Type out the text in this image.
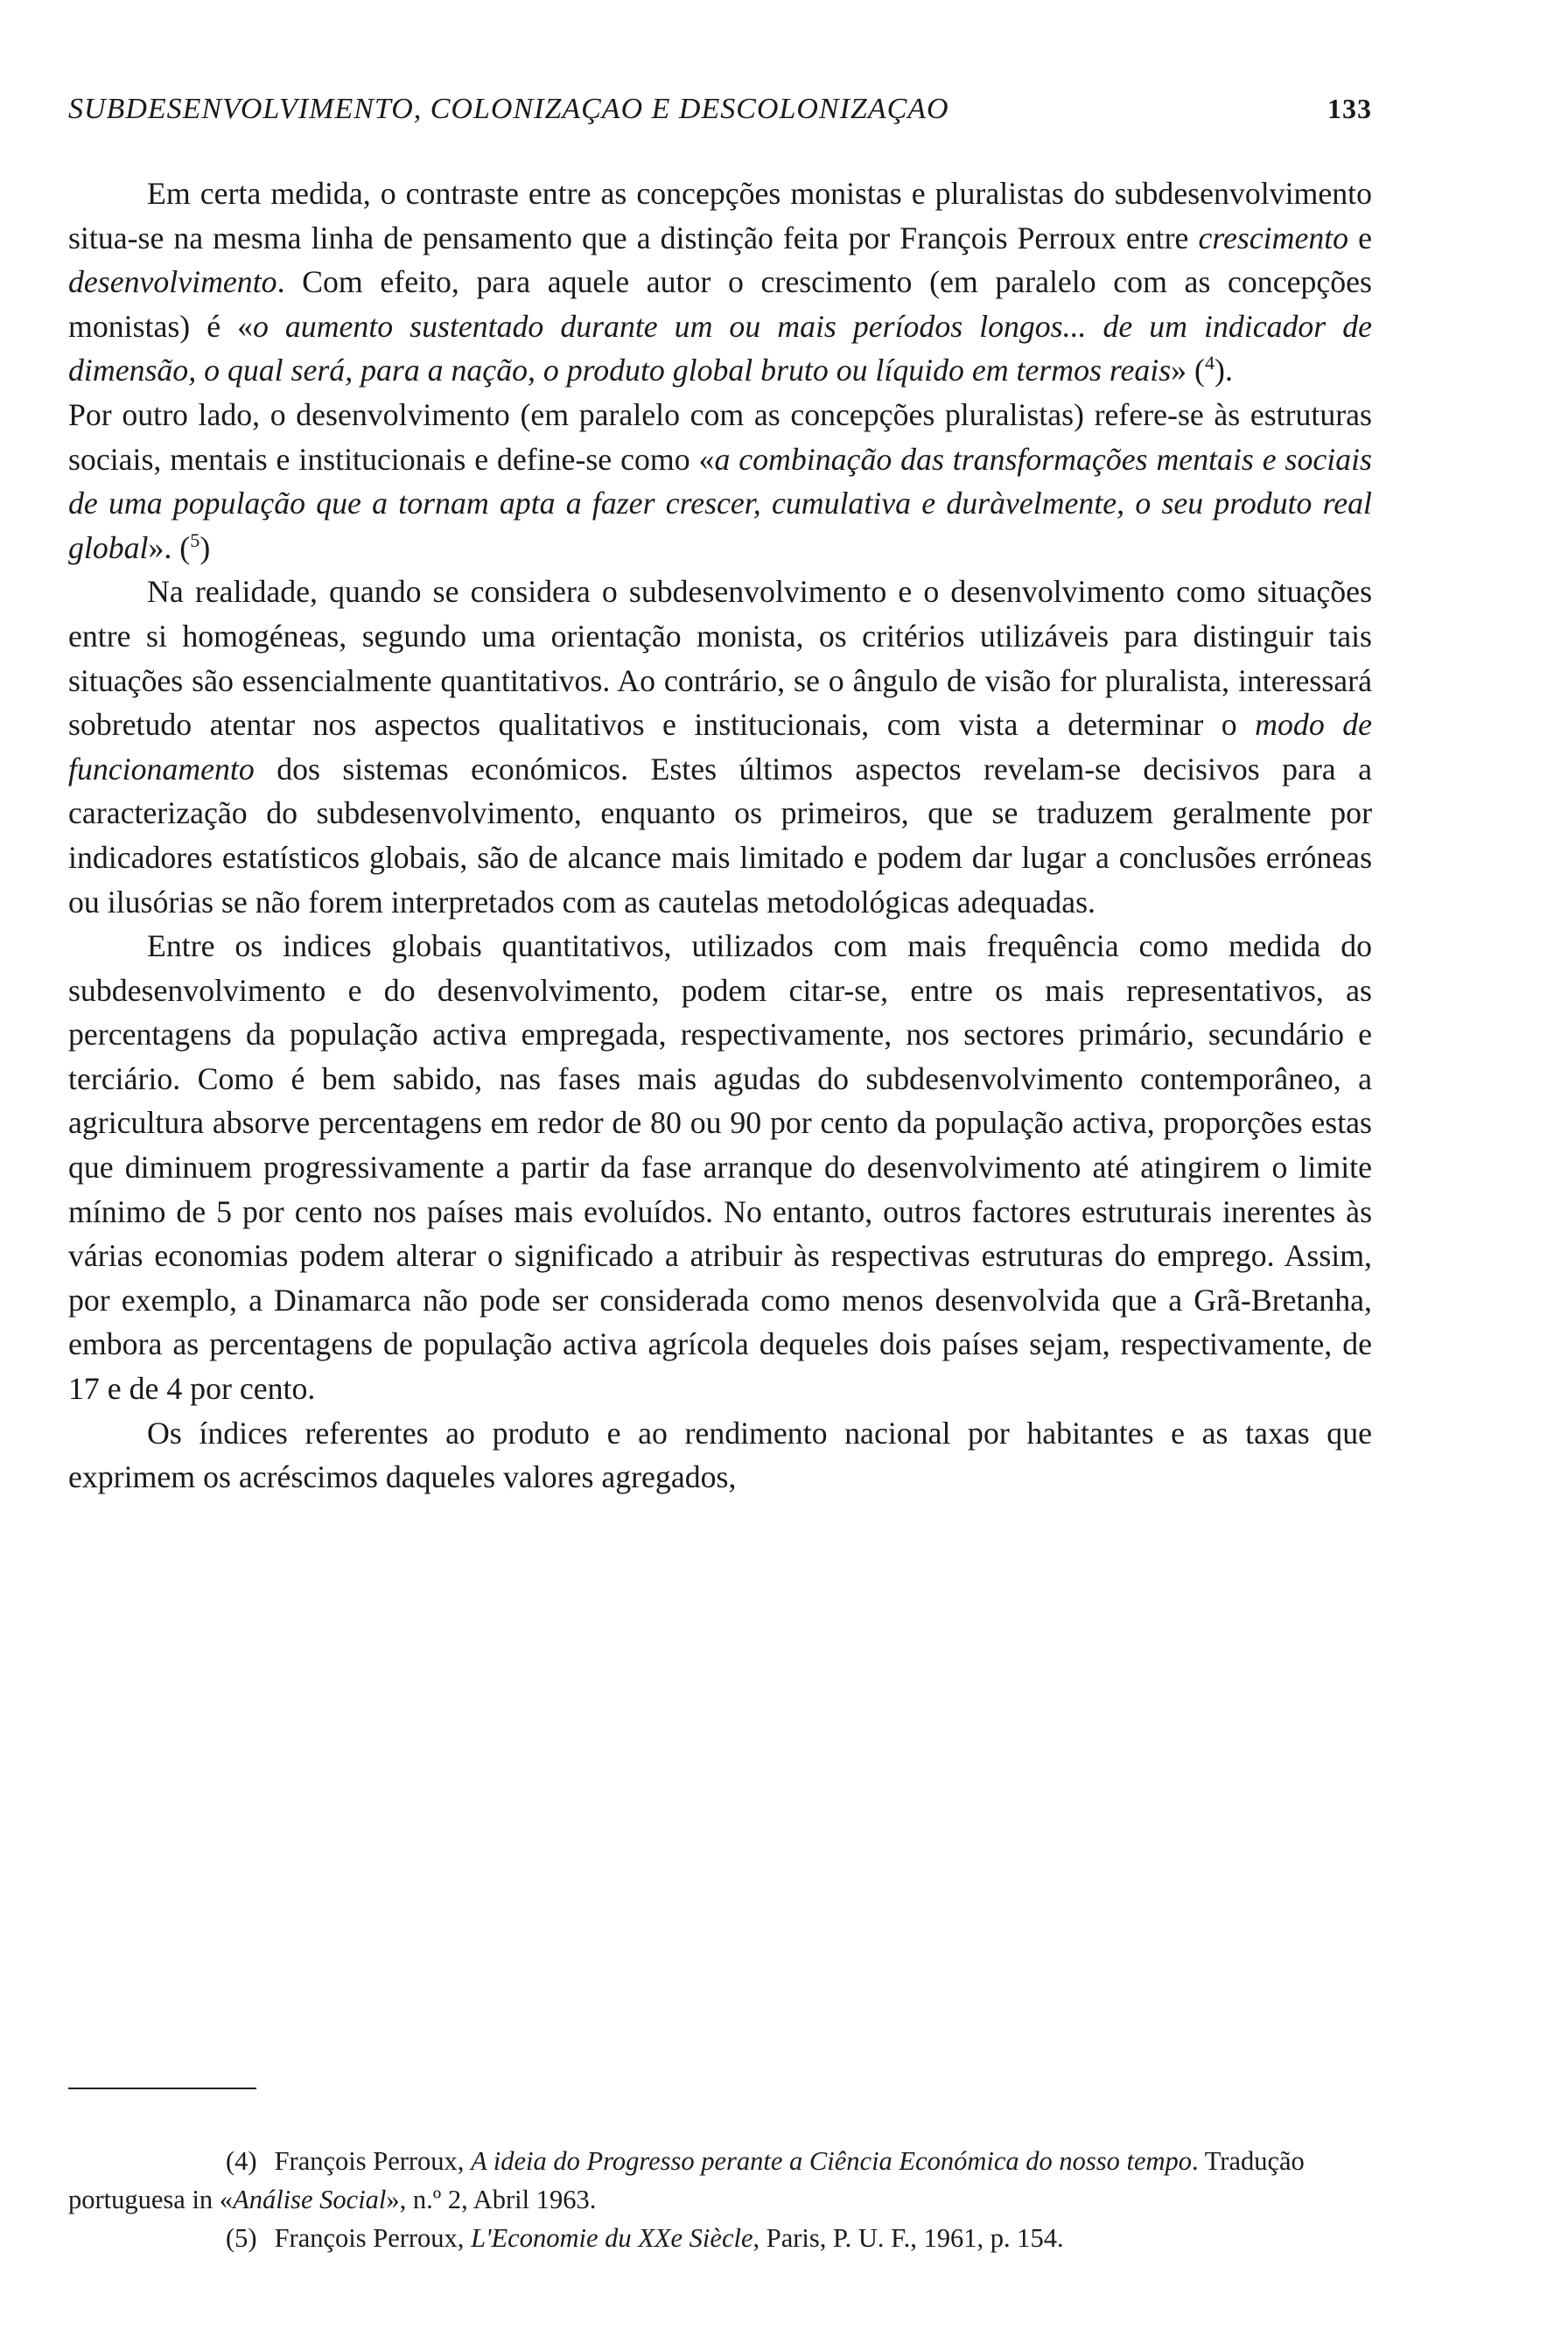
SUBDESENVOLVIMENTO, COLONIZAÇAO E DESCOLONIZAÇAO	133

Em certa medida, o contraste entre as concepções monistas e pluralistas do subdesenvolvimento situa-se na mesma linha de pensamento que a distinção feita por François Perroux entre crescimento e desenvolvimento. Com efeito, para aquele autor o crescimento (em paralelo com as concepções monistas) é «o aumento sustentado durante um ou mais períodos longos... de um indicador de dimensão, o qual será, para a nação, o produto global bruto ou líquido em termos reais» ($^4$).

Por outro lado, o desenvolvimento (em paralelo com as concepções pluralistas) refere-se às estruturas sociais, mentais e institucionais e define-se como «a combinação das transformações mentais e sociais de uma população que a tornam apta a fazer crescer, cumulativa e duràvelmente, o seu produto real global». ($^5$)

Na realidade, quando se considera o subdesenvolvimento e o desenvolvimento como situações entre si homogéneas, segundo uma orientação monista, os critérios utilizáveis para distinguir tais situações são essencialmente quantitativos. Ao contrário, se o ângulo de visão for pluralista, interessará sobretudo atentar nos aspectos qualitativos e institucionais, com vista a determinar o modo de funcionamento dos sistemas económicos. Estes últimos aspectos revelam-se decisivos para a caracterização do subdesenvolvimento, enquanto os primeiros, que se traduzem geralmente por indicadores estatísticos globais, são de alcance mais limitado e podem dar lugar a conclusões erróneas ou ilusórias se não forem interpretados com as cautelas metodológicas adequadas.

Entre os indices globais quantitativos, utilizados com mais frequência como medida do subdesenvolvimento e do desenvolvimento, podem citar-se, entre os mais representativos, as percentagens da população activa empregada, respectivamente, nos sectores primário, secundário e terciário. Como é bem sabido, nas fases mais agudas do subdesenvolvimento contemporâneo, a agricultura absorve percentagens em redor de 80 ou 90 por cento da população activa, proporções estas que diminuem progressivamente a partir da fase arranque do desenvolvimento até atingirem o limite mínimo de 5 por cento nos países mais evoluídos. No entanto, outros factores estruturais inerentes às várias economias podem alterar o significado a atribuir às respectivas estruturas do emprego. Assim, por exemplo, a Dinamarca não pode ser considerada como menos desenvolvida que a Grã-Bretanha, embora as percentagens de população activa agrícola dequeles dois países sejam, respectivamente, de 17 e de 4 por cento.

Os índices referentes ao produto e ao rendimento nacional por habitantes e as taxas que exprimem os acréscimos daqueles valores agregados,

(4) François Perroux, A ideia do Progresso perante a Ciência Económica do nosso tempo. Tradução portuguesa in «Análise Social», n.º 2, Abril 1963.

(5) François Perroux, L'Economie du XXe Siècle, Paris, P. U. F., 1961, p. 154.
